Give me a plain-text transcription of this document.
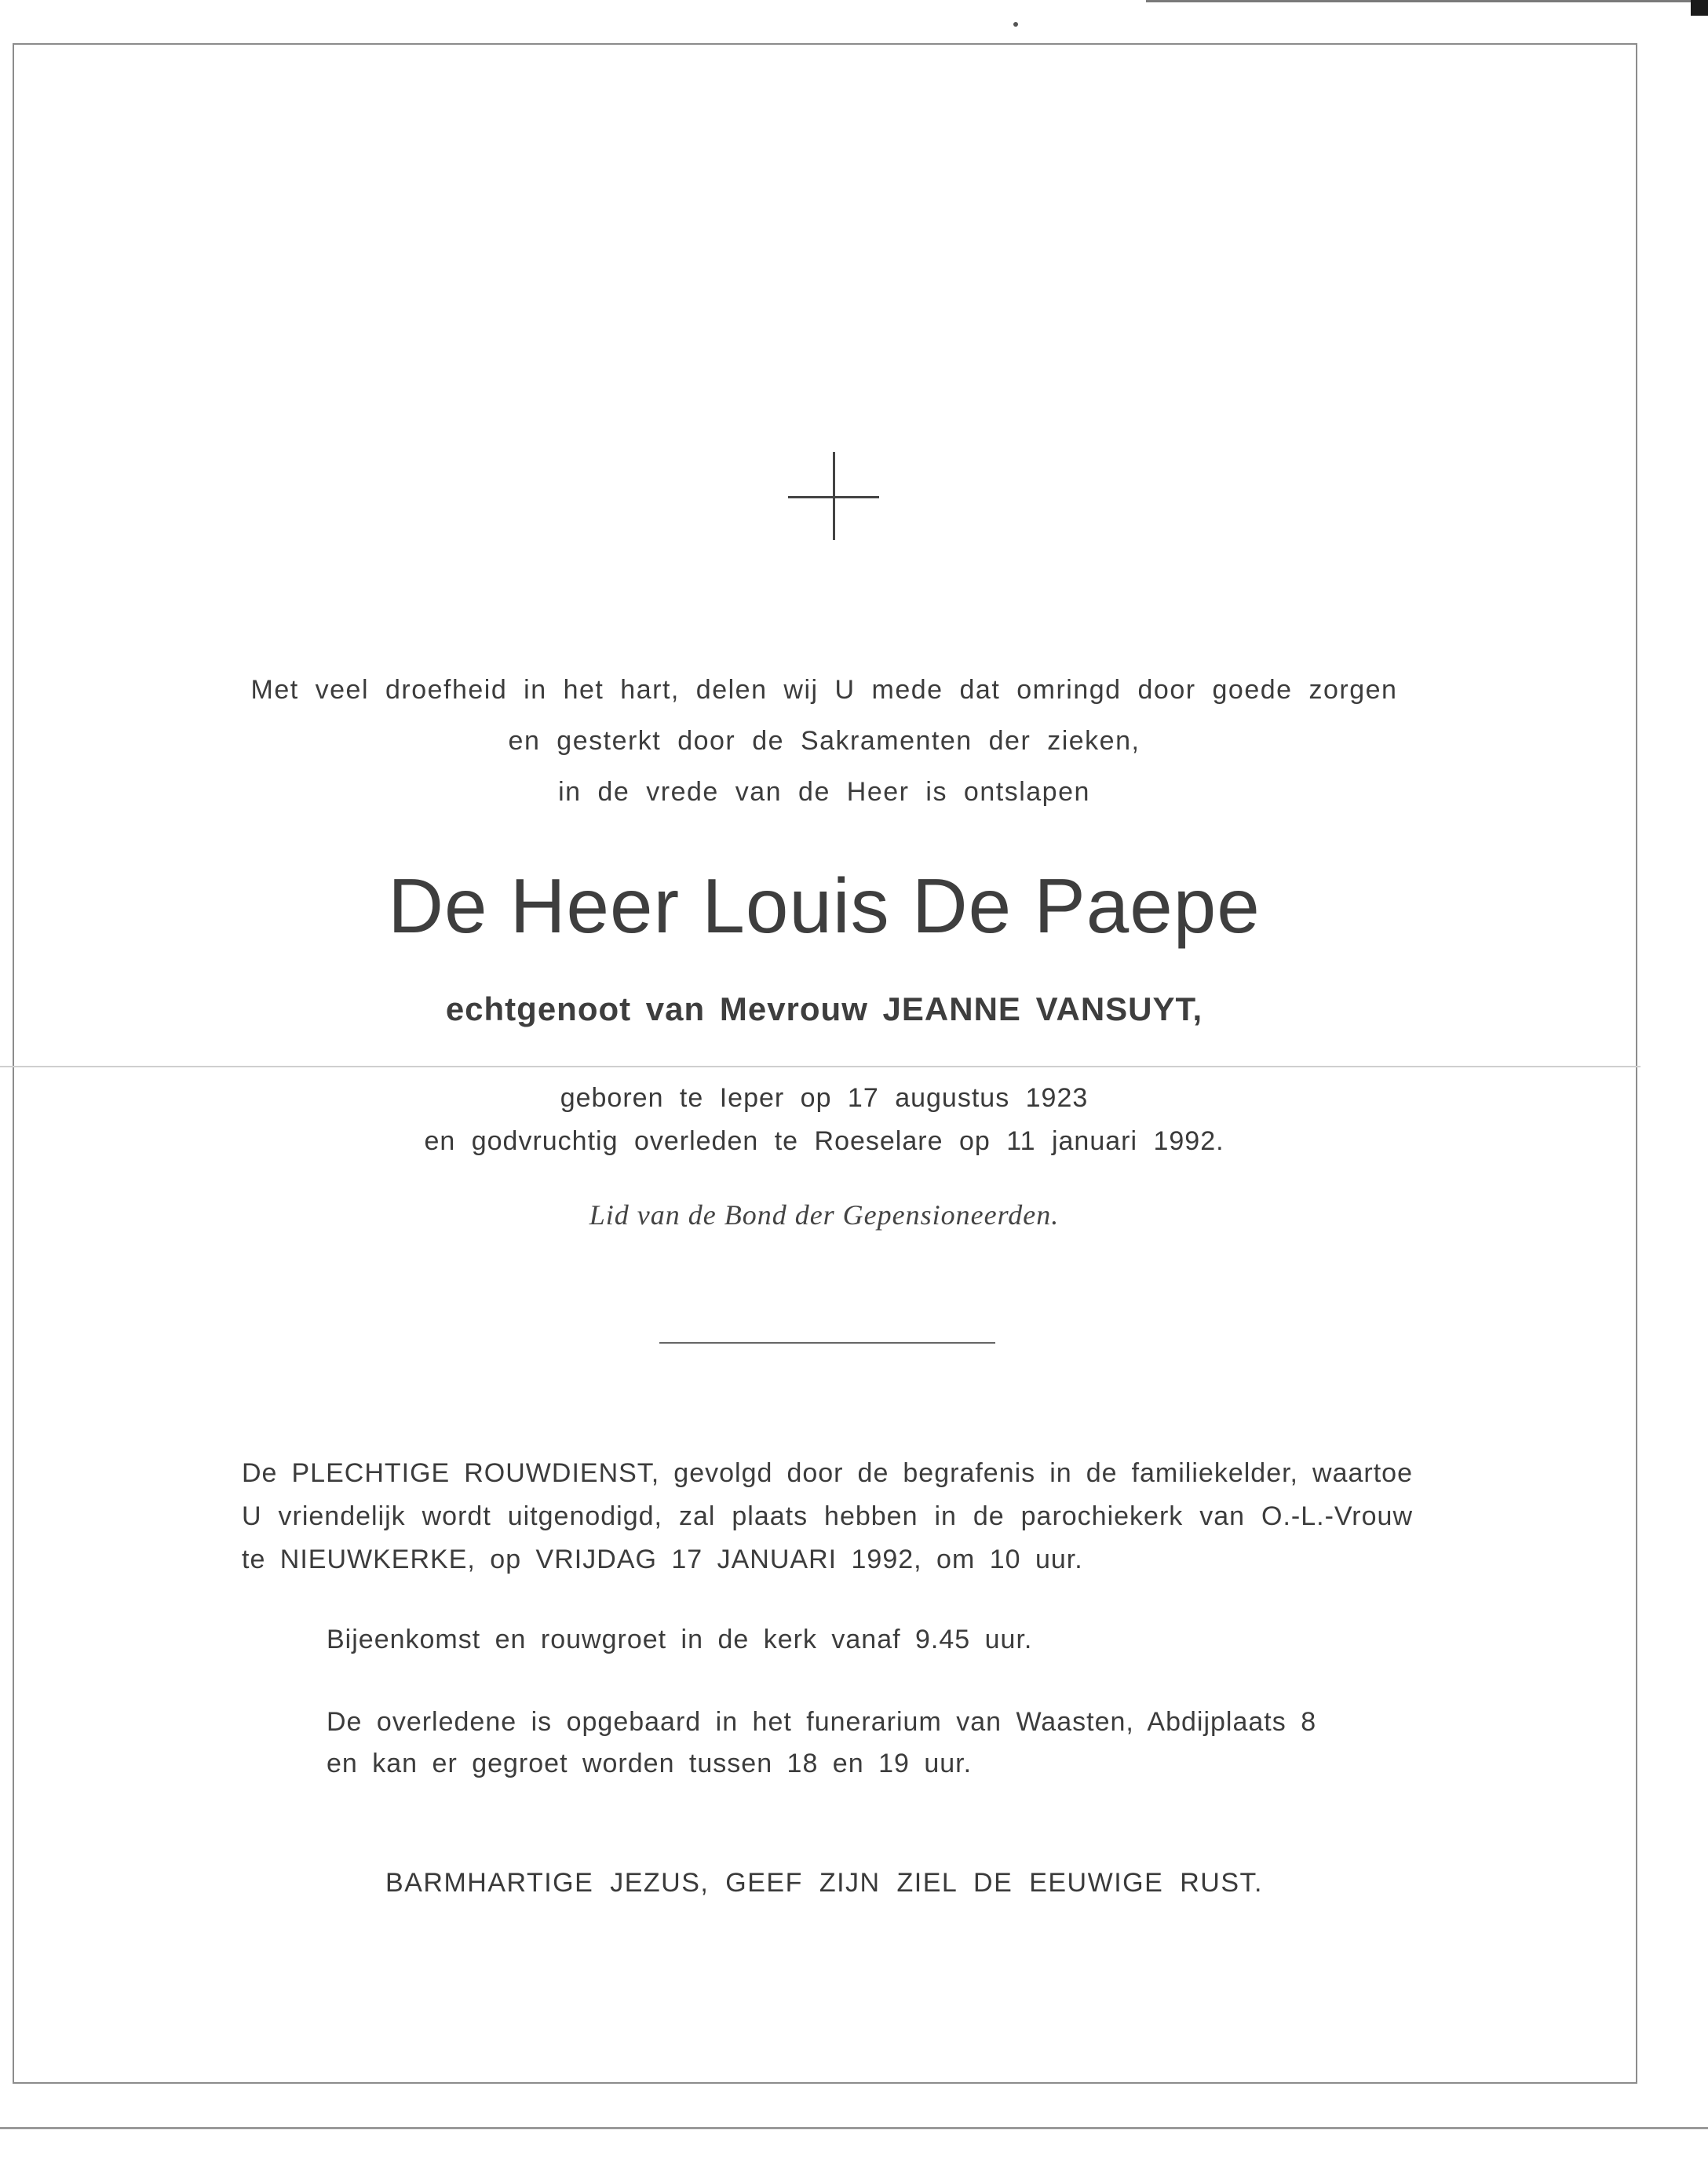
Met veel droefheid in het hart, delen wij U mede dat omringd door goede zorgen
en gesterkt door de Sakramenten der zieken,
in de vrede van de Heer is ontslapen
De Heer Louis De Paepe
echtgenoot van Mevrouw JEANNE VANSUYT,
geboren te Ieper op 17 augustus 1923
en godvruchtig overleden te Roeselare op 11 januari 1992.
Lid van de Bond der Gepensioneerden.
De PLECHTIGE ROUWDIENST, gevolgd door de begrafenis in de familiekelder, waartoe
U vriendelijk wordt uitgenodigd, zal plaats hebben in de parochiekerk van O.-L.-Vrouw
te NIEUWKERKE, op VRIJDAG 17 JANUARI 1992, om 10 uur.
Bijeenkomst en rouwgroet in de kerk vanaf 9.45 uur.
De overledene is opgebaard in het funerarium van Waasten, Abdijplaats 8
en kan er gegroet worden tussen 18 en 19 uur.
BARMHARTIGE JEZUS, GEEF ZIJN ZIEL DE EEUWIGE RUST.
